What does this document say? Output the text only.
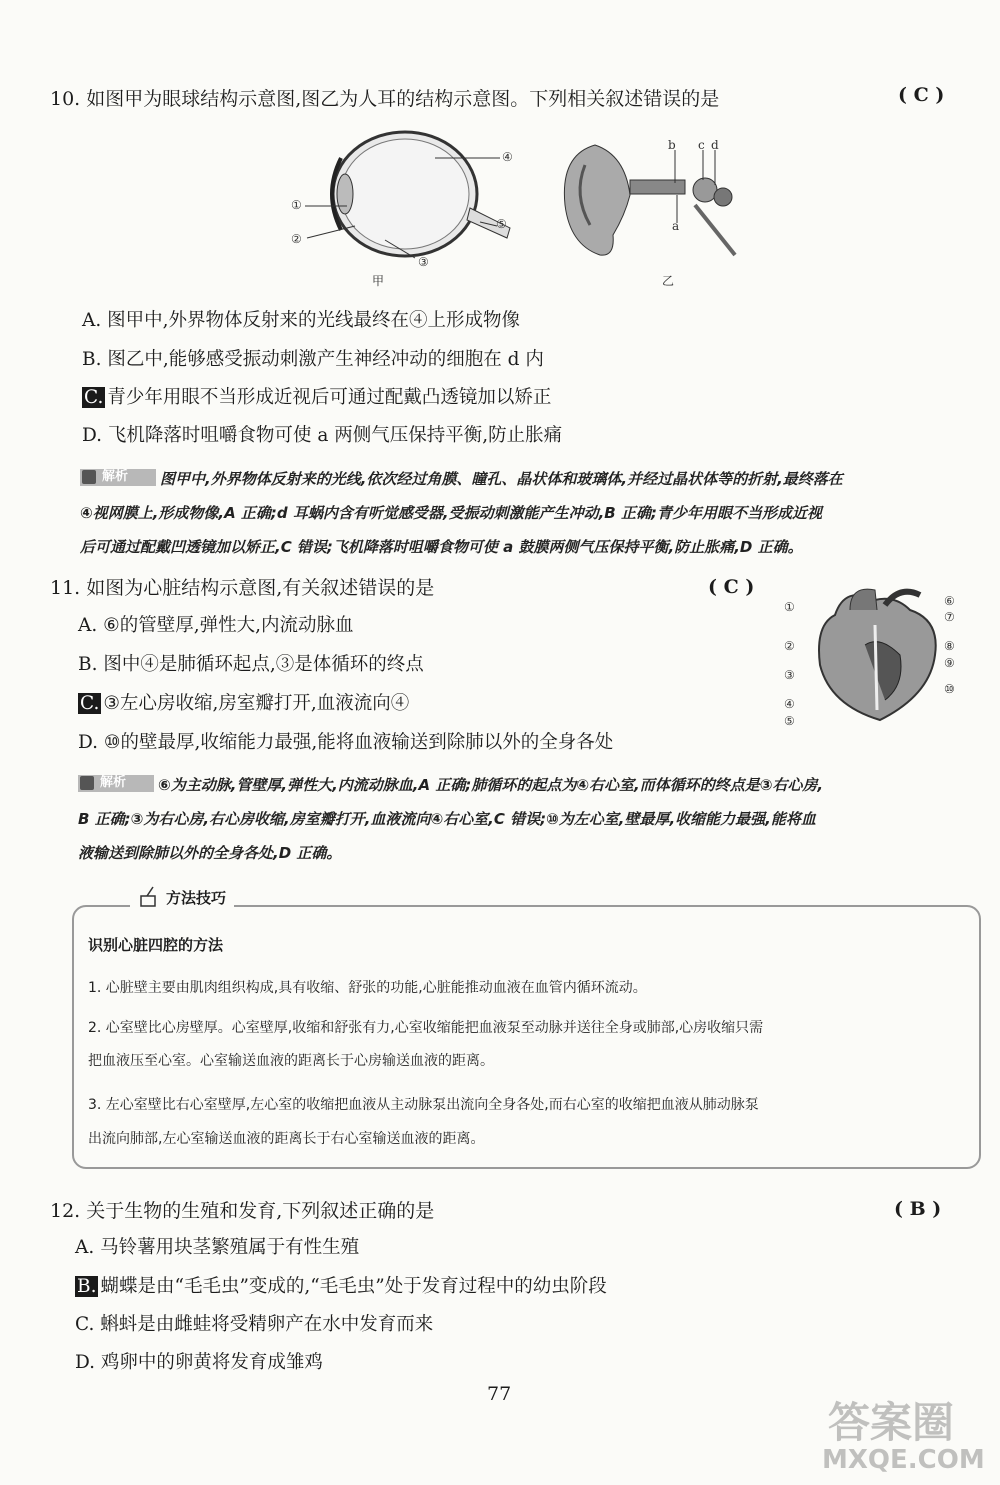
10. 如图甲为眼球结构示意图,图乙为人耳的结构示意图。下列相关叙述错误的是	( C )
④
⑤
①
②
③
甲
b c d
a
乙
A. 图甲中,外界物体反射来的光线最终在④上形成物像
B. 图乙中,能够感受振动刺激产生神经冲动的细胞在 d 内
C. 青少年用眼不当形成近视后可通过配戴凸透镜加以矫正
D. 飞机降落时咀嚼食物可使 a 两侧气压保持平衡,防止胀痛
解析 图甲中,外界物体反射来的光线,依次经过角膜、瞳孔、晶状体和玻璃体,并经过晶状体等的折射,最终落在
④视网膜上,形成物像,A 正确;d 耳蜗内含有听觉感受器,受振动刺激能产生冲动,B 正确;青少年用眼不当形成近视
后可通过配戴凹透镜加以矫正,C 错误;飞机降落时咀嚼食物可使 a 鼓膜两侧气压保持平衡,防止胀痛,D 正确。
11. 如图为心脏结构示意图,有关叙述错误的是	( C )
①
②
③
④
⑤
⑥
⑦
⑧
⑨
⑩
A. ⑥的管壁厚,弹性大,内流动脉血
B. 图中④是肺循环起点,③是体循环的终点
C. ③左心房收缩,房室瓣打开,血液流向④
D. ⑩的壁最厚,收缩能力最强,能将血液输送到除肺以外的全身各处
解析 ⑥为主动脉,管壁厚,弹性大,内流动脉血,A 正确;肺循环的起点为④右心室,而体循环的终点是③右心房,
B 正确;③为右心房,右心房收缩,房室瓣打开,血液流向④右心室,C 错误;⑩为左心室,壁最厚,收缩能力最强,能将血
液输送到除肺以外的全身各处,D 正确。
方法技巧
识别心脏四腔的方法
1. 心脏壁主要由肌肉组织构成,具有收缩、舒张的功能,心脏能推动血液在血管内循环流动。
2. 心室壁比心房壁厚。心室壁厚,收缩和舒张有力,心室收缩能把血液泵至动脉并送往全身或肺部,心房收缩只需
把血液压至心室。心室输送血液的距离长于心房输送血液的距离。
3. 左心室壁比右心室壁厚,左心室的收缩把血液从主动脉泵出流向全身各处,而右心室的收缩把血液从肺动脉泵
出流向肺部,左心室输送血液的距离长于右心室输送血液的距离。
12. 关于生物的生殖和发育,下列叙述正确的是	( B )
A. 马铃薯用块茎繁殖属于有性生殖
B. 蝴蝶是由“毛毛虫”变成的,“毛毛虫”处于发育过程中的幼虫阶段
C. 蝌蚪是由雌蛙将受精卵产在水中发育而来
D. 鸡卵中的卵黄将发育成雏鸡
77
答案圈
MXQE.COM
